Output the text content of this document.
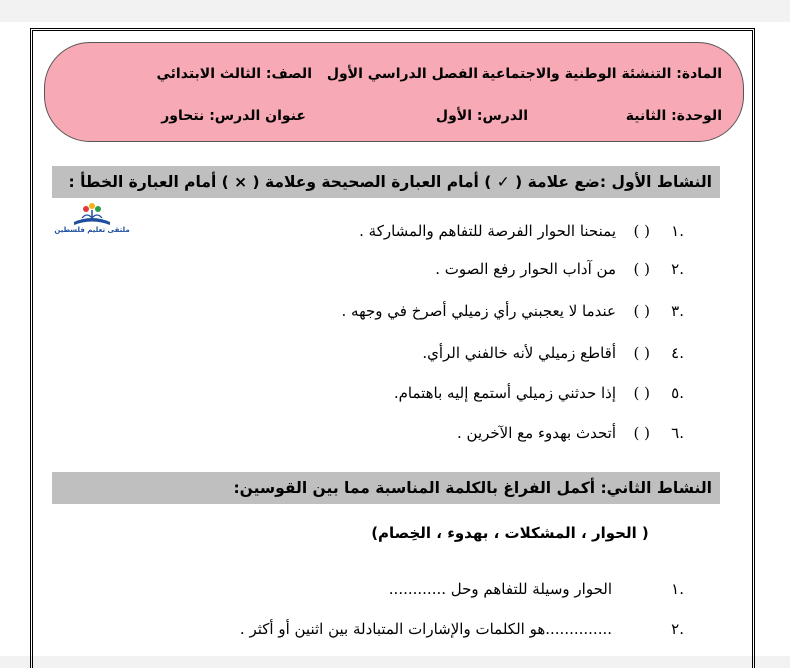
المادة: التنشئة الوطنية والاجتماعية
الفصل الدراسي الأول
الصف: الثالث الابتدائي
الوحدة: الثانية
الدرس: الأول
عنوان الدرس: نتحاور
النشاط الأول :ضع علامة ( ✓ ) أمام العبارة الصحيحة وعلامة ( × ) أمام العبارة الخطأ :
ملتقى تعليم فلسطين	.١
( )
يمنحنا الحوار الفرصة للتفاهم والمشاركة .
.٢
( )
من آداب الحوار رفع الصوت .
.٣
( )
عندما لا يعجبني رأي زميلي أصرخ في وجهه .
.٤
( )
أقاطع زميلي لأنه خالفني الرأي.
.٥
( )
إذا حدثني زميلي أستمع إليه باهتمام.
.٦
( )
أتحدث بهدوء مع الآخرين .
النشاط الثاني: أكمل الفراغ بالكلمة المناسبة مما بين القوسين:
( الحوار ، المشكلات ، بهدوء ، الخِصام)
.١
الحوار وسيلة للتفاهم وحل ............
.٢
..............هو الكلمات والإشارات المتبادلة بين اثنين أو أكثر .
